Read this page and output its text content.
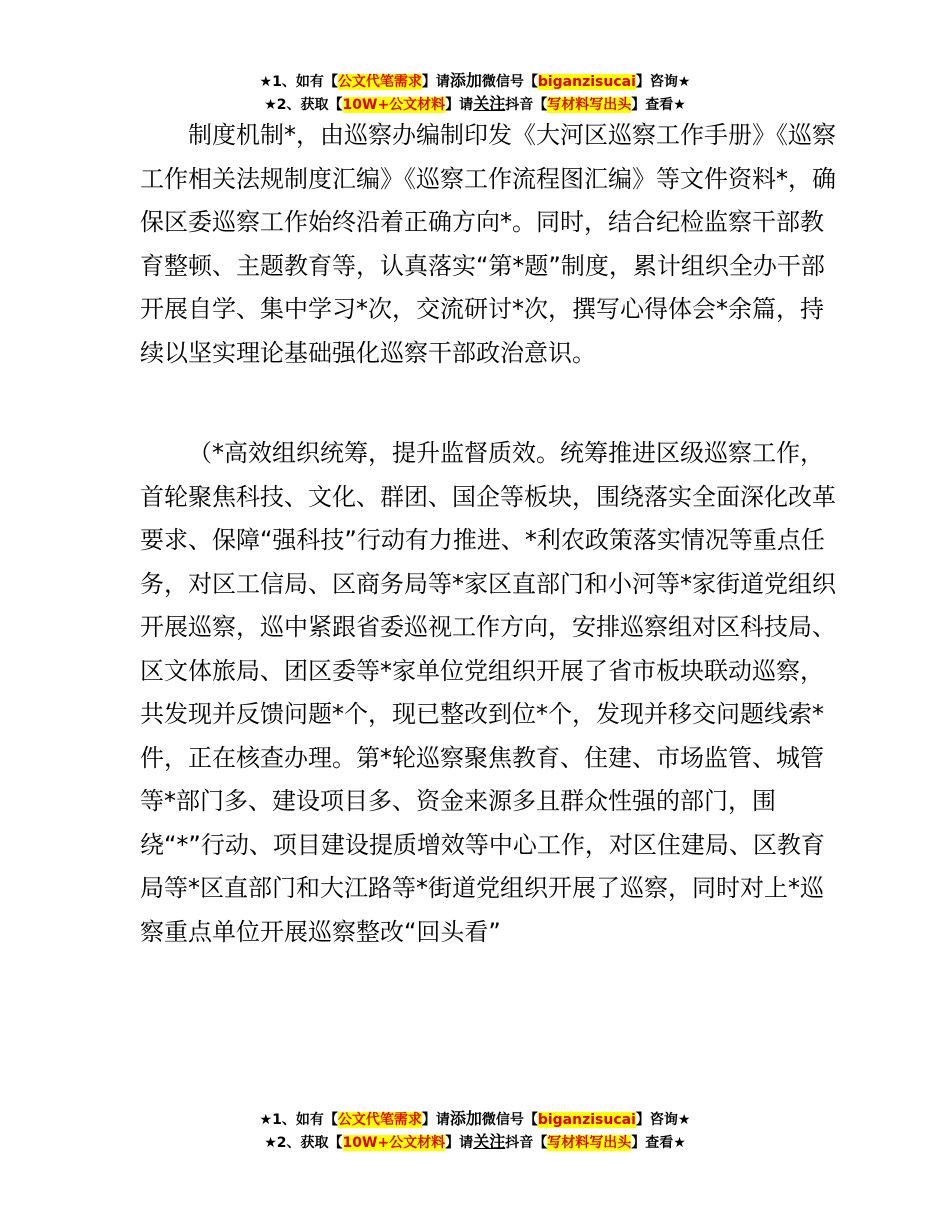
★1、如有【公文代笔需求】请添加微信号【biganzisucai】咨询★
★2、获取【10W+公文材料】请关注抖音【写材料写出头】查看★

制度机制*，由巡察办编制印发《大河区巡察工作手册》《巡察工作相关法规制度汇编》《巡察工作流程图汇编》等文件资料*，确保区委巡察工作始终沿着正确方向*。同时，结合纪检监察干部教育整顿、主题教育等，认真落实“第*题”制度，累计组织全办干部开展自学、集中学习*次，交流研讨*次，撰写心得体会*余篇，持续以坚实理论基础强化巡察干部政治意识。

（*高效组织统筹，提升监督质效。统筹推进区级巡察工作，首轮聚焦科技、文化、群团、国企等板块，围绕落实全面深化改革要求、保障“强科技”行动有力推进、*利农政策落实情况等重点任务，对区工信局、区商务局等*家区直部门和小河等*家街道党组织开展巡察，巡中紧跟省委巡视工作方向，安排巡察组对区科技局、区文体旅局、团区委等*家单位党组织开展了省市板块联动巡察，共发现并反馈问题*个，现已整改到位*个，发现并移交问题线索*件，正在核查办理。第*轮巡察聚焦教育、住建、市场监管、城管等*部门多、建设项目多、资金来源多且群众性强的部门，围绕“*”行动、项目建设提质增效等中心工作，对区住建局、区教育局等*区直部门和大江路等*街道党组织开展了巡察，同时对上*巡察重点单位开展巡察整改“回头看”

★1、如有【公文代笔需求】请添加微信号【biganzisucai】咨询★
★2、获取【10W+公文材料】请关注抖音【写材料写出头】查看★
